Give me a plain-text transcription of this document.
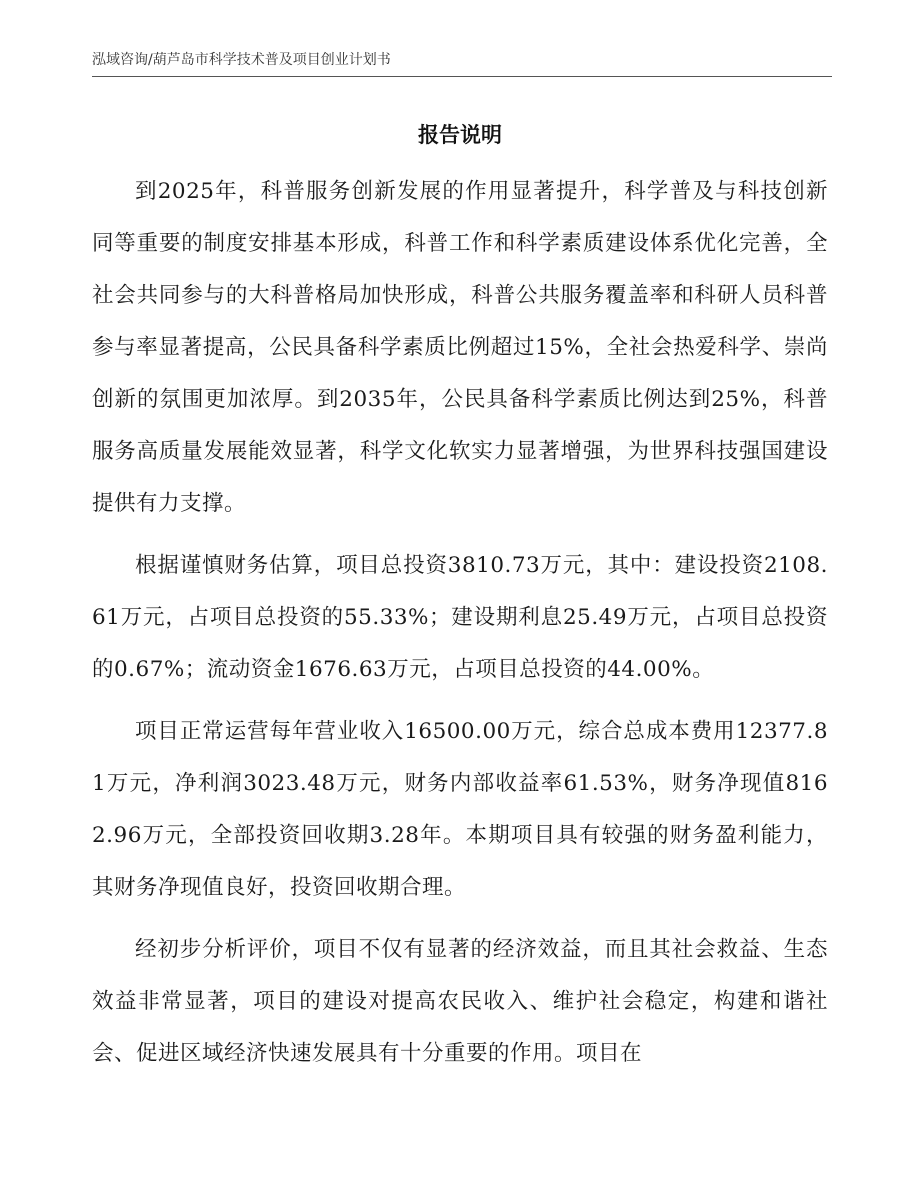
泓域咨询/葫芦岛市科学技术普及项目创业计划书
报告说明

到2025年，科普服务创新发展的作用显著提升，科学普及与科技创新同等重要的制度安排基本形成，科普工作和科学素质建设体系优化完善，全社会共同参与的大科普格局加快形成，科普公共服务覆盖率和科研人员科普参与率显著提高，公民具备科学素质比例超过15%，全社会热爱科学、崇尚创新的氛围更加浓厚。到2035年，公民具备科学素质比例达到25%，科普服务高质量发展能效显著，科学文化软实力显著增强，为世界科技强国建设提供有力支撑。

根据谨慎财务估算，项目总投资3810.73万元，其中：建设投资2108.61万元，占项目总投资的55.33%；建设期利息25.49万元，占项目总投资的0.67%；流动资金1676.63万元，占项目总投资的44.00%。

项目正常运营每年营业收入16500.00万元，综合总成本费用12377.81万元，净利润3023.48万元，财务内部收益率61.53%，财务净现值8162.96万元，全部投资回收期3.28年。本期项目具有较强的财务盈利能力，其财务净现值良好，投资回收期合理。

经初步分析评价，项目不仅有显著的经济效益，而且其社会救益、生态效益非常显著，项目的建设对提高农民收入、维护社会稳定，构建和谐社会、促进区域经济快速发展具有十分重要的作用。项目在
